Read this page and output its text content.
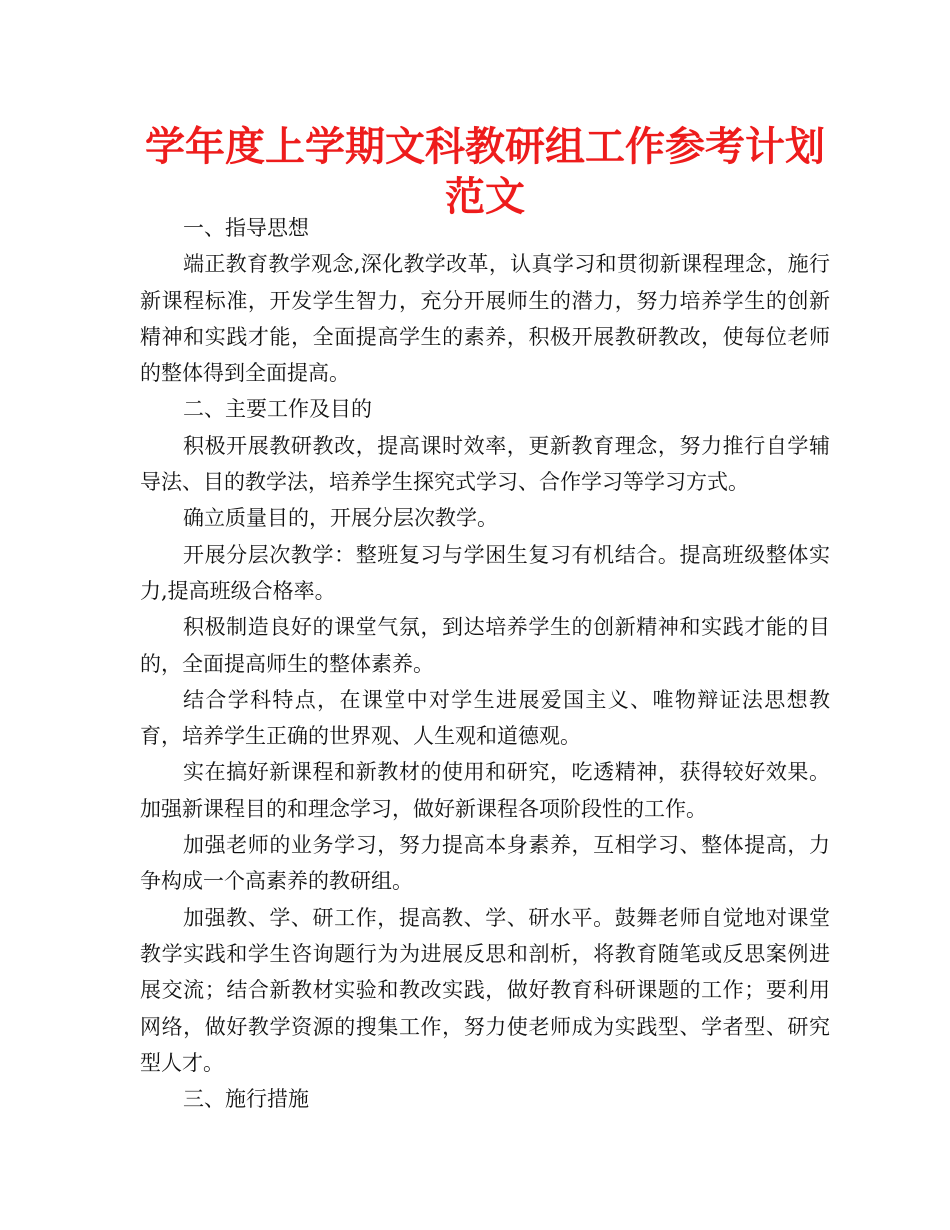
学年度上学期文科教研组工作参考计划范文

一、指导思想

端正教育教学观念,深化教学改革，认真学习和贯彻新课程理念，施行新课程标准，开发学生智力，充分开展师生的潜力，努力培养学生的创新精神和实践才能，全面提高学生的素养，积极开展教研教改，使每位老师的整体得到全面提高。

二、主要工作及目的

积极开展教研教改，提高课时效率，更新教育理念，努力推行自学辅导法、目的教学法，培养学生探究式学习、合作学习等学习方式。

确立质量目的，开展分层次教学。

开展分层次教学：整班复习与学困生复习有机结合。提高班级整体实力,提高班级合格率。

积极制造良好的课堂气氛，到达培养学生的创新精神和实践才能的目的，全面提高师生的整体素养。

结合学科特点，在课堂中对学生进展爱国主义、唯物辩证法思想教育，培养学生正确的世界观、人生观和道德观。

实在搞好新课程和新教材的使用和研究，吃透精神，获得较好效果。加强新课程目的和理念学习，做好新课程各项阶段性的工作。

加强老师的业务学习，努力提高本身素养，互相学习、整体提高，力争构成一个高素养的教研组。

加强教、学、研工作，提高教、学、研水平。鼓舞老师自觉地对课堂教学实践和学生咨询题行为为进展反思和剖析，将教育随笔或反思案例进展交流；结合新教材实验和教改实践，做好教育科研课题的工作；要利用网络，做好教学资源的搜集工作，努力使老师成为实践型、学者型、研究型人才。

三、施行措施
